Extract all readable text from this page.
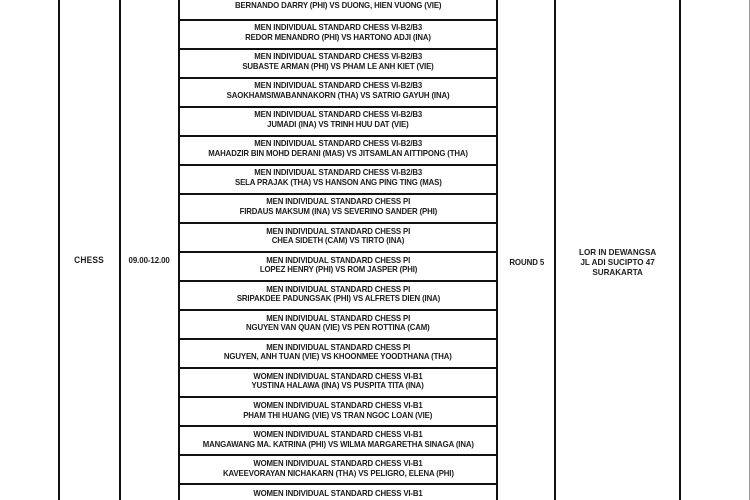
CHESS	09.00-12.00
BERNANDO DARRY (PHI) VS DUONG, HIEN VUONG (VIE)
MEN INDIVIDUAL STANDARD CHESS VI-B2/B3
REDOR MENANDRO (PHI) VS HARTONO ADJI (INA)
MEN INDIVIDUAL STANDARD CHESS VI-B2/B3
SUBASTE ARMAN (PHI) VS PHAM LE ANH KIET (VIE)
MEN INDIVIDUAL STANDARD CHESS VI-B2/B3
SAOKHAMSIWABANNAKORN (THA) VS SATRIO GAYUH (INA)
MEN INDIVIDUAL STANDARD CHESS VI-B2/B3
JUMADI (INA) VS TRINH HUU DAT (VIE)
MEN INDIVIDUAL STANDARD CHESS VI-B2/B3
MAHADZIR BIN MOHD DERANI (MAS) VS JITSAMLAN AITTIPONG (THA)
MEN INDIVIDUAL STANDARD CHESS VI-B2/B3
SELA PRAJAK (THA) VS HANSON ANG PING TING (MAS)
MEN INDIVIDUAL STANDARD CHESS PI
FIRDAUS MAKSUM (INA) VS SEVERINO SANDER (PHI)
MEN INDIVIDUAL STANDARD CHESS PI
CHEA SIDETH (CAM) VS TIRTO (INA)
MEN INDIVIDUAL STANDARD CHESS PI
LOPEZ HENRY (PHI) VS ROM JASPER (PHI)
MEN INDIVIDUAL STANDARD CHESS PI
SRIPAKDEE PADUNGSAK (PHI) VS ALFRETS DIEN (INA)
MEN INDIVIDUAL STANDARD CHESS PI
NGUYEN VAN QUAN (VIE) VS PEN ROTTINA (CAM)
MEN INDIVIDUAL STANDARD CHESS PI
NGUYEN, ANH TUAN (VIE) VS KHOONMEE YOODTHANA (THA)
WOMEN INDIVIDUAL STANDARD CHESS VI-B1
YUSTINA HALAWA (INA) VS PUSPITA TITA (INA)
WOMEN INDIVIDUAL STANDARD CHESS VI-B1
PHAM THI HUANG (VIE) VS TRAN NGOC LOAN (VIE)
WOMEN INDIVIDUAL STANDARD CHESS VI-B1
MANGAWANG MA. KATRINA (PHI) VS WILMA MARGARETHA SINAGA (INA)
WOMEN INDIVIDUAL STANDARD CHESS VI-B1
KAVEEVORAYAN NICHAKARN (THA) VS PELIGRO, ELENA (PHI)
WOMEN INDIVIDUAL STANDARD CHESS VI-B1
ROUND 5
LOR IN DEWANGSA
JL ADI SUCIPTO 47
SURAKARTA
